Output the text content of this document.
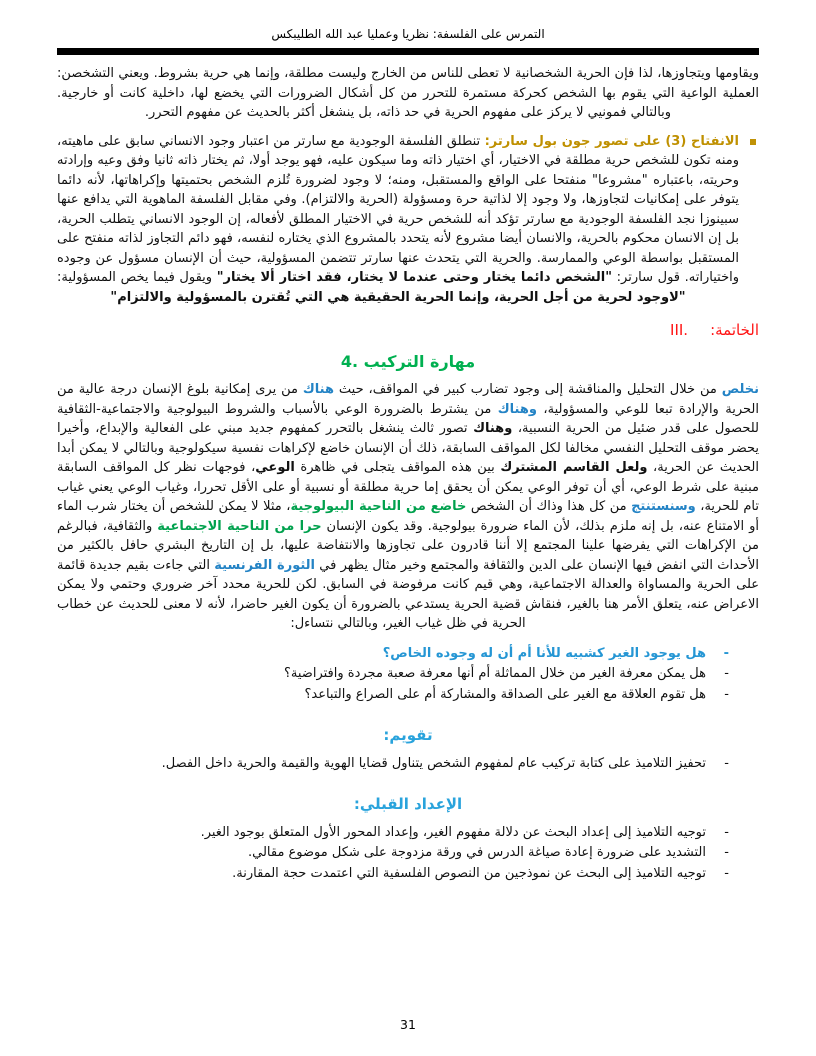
التمرس على الفلسفة: نظريا وعمليا عبد الله الطليبكس

ويقاومها ويتجاوزها، لذا فإن الحرية الشخصانية لا تعطى للناس من الخارج وليست مطلقة، وإنما هي حرية بشروط. ويعني التشخصن: العملية الواعية التي يقوم بها الشخص كحركة مستمرة للتحرر من كل أشكال الضرورات التي يخضع لها، داخلية كانت أو خارجية. وبالتالي فمونيي لا يركز على مفهوم الحرية في حد ذاته، بل ينشغل أكثر بالحديث عن مفهوم التحرر.

الانفتاح (3) على تصور جون بول سارتر: تنطلق الفلسفة الوجودية مع سارتر من اعتبار وجود الانساني سابق على ماهيته، ومنه تكون للشخص حرية مطلقة في الاختيار، أي اختيار ذاته وما سيكون عليه، فهو يوجد أولا، ثم يختار ذاته ثانيا وفق وعيه وإرادته وحريته، باعتباره "مشروعا" منفتحا على الواقع والمستقبل، ومنه؛ لا وجود لضرورة تُلزم الشخص بحتميتها وإكراهاتها، لأنه دائما يتوفر على إمكانيات لتجاوزها، ولا وجود إلا لذاتية حرة ومسؤولة (الحرية والالتزام). وفي مقابل الفلسفة الماهوية التي يدافع عنها سبينوزا نجد الفلسفة الوجودية مع سارتر تؤكد أنه للشخص حرية في الاختيار المطلق لأفعاله، إن الوجود الانساني يتطلب الحرية، بل إن الانسان محكوم بالحرية، والانسان أيضا مشروع لأنه يتحدد بالمشروع الذي يختاره لنفسه، فهو دائم التجاوز لذاته منفتح على المستقبل بواسطة الوعي والممارسة. والحرية التي يتحدث عنها سارتر تتضمن المسؤولية، حيث أن الإنسان مسؤول عن وجوده واختياراته. قول سارتر: "الشخص دائما يختار وحتى عندما لا يختار، فقد اختار ألا يختار" ويقول فيما يخص المسؤولية: "لاوجود لحرية من أجل الحرية، وإنما الحرية الحقيقية هي التي تُقترن بالمسؤولية والالتزام"

III. الخاتمة:
4. مهارة التركيب

نخلص من خلال التحليل والمناقشة إلى وجود تضارب كبير في المواقف، حيث هناك من يرى إمكانية بلوغ الإنسان درجة عالية من الحرية والإرادة تبعا للوعي والمسؤولية، وهناك من يشترط بالضرورة الوعي بالأسباب والشروط البيولوجية والاجتماعية-الثقافية للحصول على قدر ضئيل من الحرية النسبية، وهناك تصور ثالث ينشغل بالتحرر كمفهوم جديد مبني على الفعالية والإبداع، وأخيرا يحضر موقف التحليل النفسي مخالفا لكل المواقف السابقة، ذلك أن الإنسان خاضع لإكراهات نفسية سيكولوجية وبالتالي لا يمكن أبدا الحديث عن الحرية، ولعل القاسم المشترك بين هذه المواقف يتجلى في ظاهرة الوعي، فوجهات نظر كل المواقف السابقة مبنية على شرط الوعي، أي أن توفر الوعي يمكن أن يحقق إما حرية مطلقة أو نسبية أو على الأقل تحررا، وغياب الوعي يعني غياب تام للحرية، وسنستنتج من كل هذا وذاك أن الشخص خاضع من الناحية البيولوجية، مثلا لا يمكن للشخص أن يختار شرب الماء أو الامتناع عنه، بل إنه ملزم بذلك، لأن الماء ضرورة بيولوجية. وقد يكون الإنسان حرا من الناحية الاجتماعية والثقافية، فبالرغم من الإكراهات التي يفرضها علينا المجتمع إلا أننا قادرون على تجاوزها والانتفاضة عليها، بل إن التاريخ البشري حافل بالكثير من الأحداث التي انفض فيها الإنسان على الدين والثقافة والمجتمع وخير مثال يظهر في الثورة الفرنسية التي جاءت بقيم جديدة قائمة على الحرية والمساواة والعدالة الاجتماعية، وهي قيم كانت مرفوضة في السابق. لكن للحرية محدد آخر ضروري وحتمي ولا يمكن الاعراض عنه، يتعلق الأمر هنا بالغير، فنقاش قضية الحرية يستدعي بالضرورة أن يكون الغير حاضرا، لأنه لا معنى للحديث عن خطاب الحرية في ظل غياب الغير، وبالتالي نتساءل:

-
هل يوجود الغير كشبيه للأنا أم أن له وجوده الخاص؟
-
هل يمكن معرفة الغير من خلال المماثلة أم أنها معرفة صعبة مجردة وافتراضية؟
-
هل تقوم العلاقة مع الغير على الصداقة والمشاركة أم على الصراع والتباعد؟
تقويم:
-
تحفيز التلاميذ على كتابة تركيب عام لمفهوم الشخص يتناول قضايا الهوية والقيمة والحرية داخل الفصل.
الإعداد القبلي:
-
توجيه التلاميذ إلى إعداد البحث عن دلالة مفهوم الغير، وإعداد المحور الأول المتعلق بوجود الغير.
-
التشديد على ضرورة إعادة صياغة الدرس في ورقة مزدوجة على شكل موضوع مقالي.
-
توجيه التلاميذ إلى البحث عن نموذجين من النصوص الفلسفية التي اعتمدت حجة المقارنة.
31
